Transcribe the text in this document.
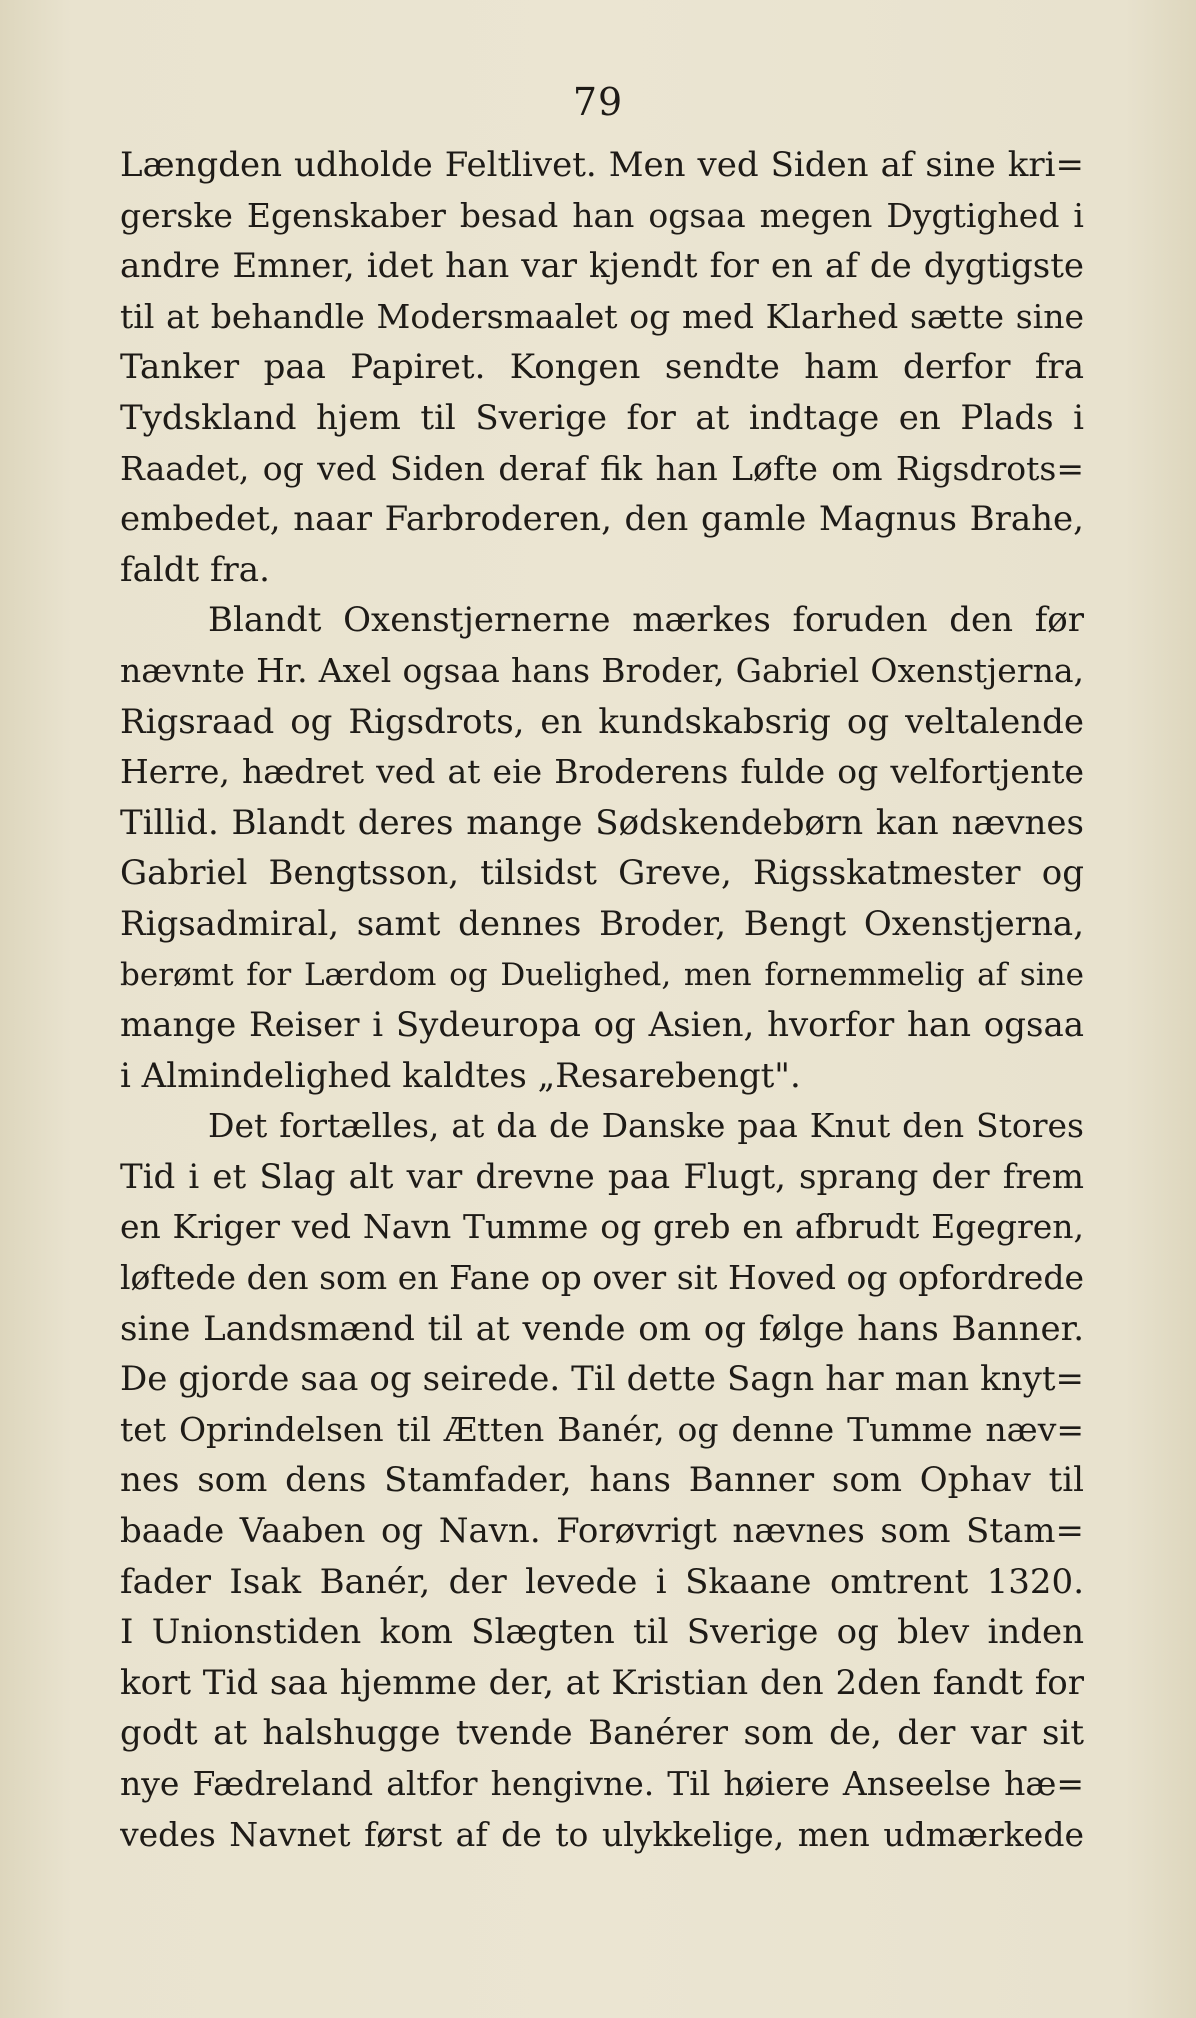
79
Længden udholde Feltlivet. Men ved Siden af sine kri=
gerske Egenskaber besad han ogsaa megen Dygtighed i
andre Emner, idet han var kjendt for en af de dygtigste
til at behandle Modersmaalet og med Klarhed sætte sine
Tanker paa Papiret. Kongen sendte ham derfor fra
Tydskland hjem til Sverige for at indtage en Plads i
Raadet, og ved Siden deraf fik han Løfte om Rigsdrots=
embedet, naar Farbroderen, den gamle Magnus Brahe,
faldt fra.
Blandt Oxenstjernerne mærkes foruden den før
nævnte Hr. Axel ogsaa hans Broder, Gabriel Oxenstjerna,
Rigsraad og Rigsdrots, en kundskabsrig og veltalende
Herre, hædret ved at eie Broderens fulde og velfortjente
Tillid. Blandt deres mange Sødskendebørn kan nævnes
Gabriel Bengtsson, tilsidst Greve, Rigsskatmester og
Rigsadmiral, samt dennes Broder, Bengt Oxenstjerna,
berømt for Lærdom og Duelighed, men fornemmelig af sine
mange Reiser i Sydeuropa og Asien, hvorfor han ogsaa
i Almindelighed kaldtes „Resarebengt".
Det fortælles, at da de Danske paa Knut den Stores
Tid i et Slag alt var drevne paa Flugt, sprang der frem
en Kriger ved Navn Tumme og greb en afbrudt Egegren,
løftede den som en Fane op over sit Hoved og opfordrede
sine Landsmænd til at vende om og følge hans Banner.
De gjorde saa og seirede. Til dette Sagn har man knyt=
tet Oprindelsen til Ætten Banér, og denne Tumme næv=
nes som dens Stamfader, hans Banner som Ophav til
baade Vaaben og Navn. Forøvrigt nævnes som Stam=
fader Isak Banér, der levede i Skaane omtrent 1320.
I Unionstiden kom Slægten til Sverige og blev inden
kort Tid saa hjemme der, at Kristian den 2den fandt for
godt at halshugge tvende Banérer som de, der var sit
nye Fædreland altfor hengivne. Til høiere Anseelse hæ=
vedes Navnet først af de to ulykkelige, men udmærkede
